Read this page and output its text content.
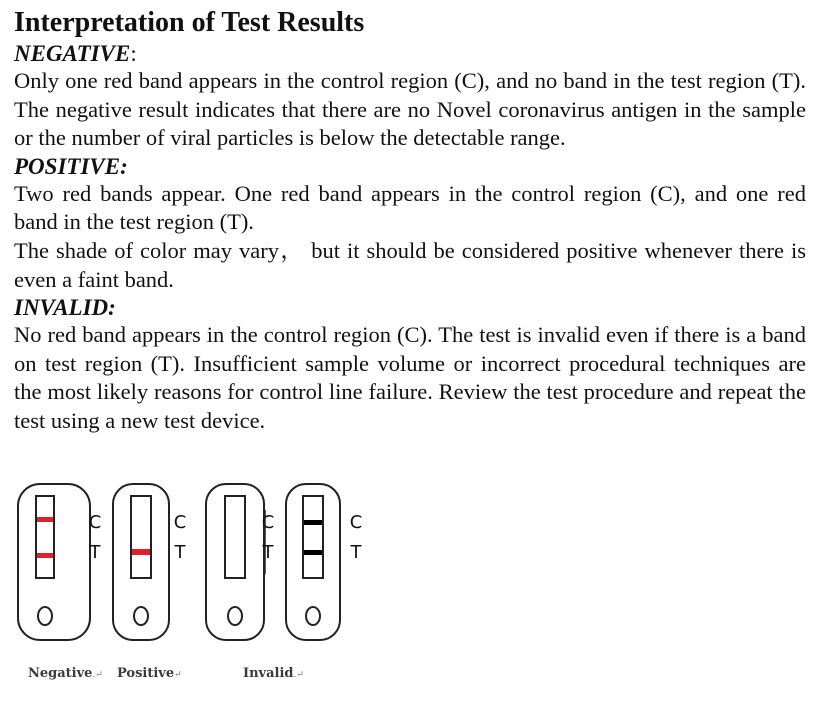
Interpretation of Test Results
NEGATIVE:

Only one red band appears in the control region (C), and no band in the test region (T). The negative result indicates that there are no Novel coronavirus antigen in the sample or the number of viral particles is below the detectable range.

POSITIVE:

Two red bands appear. One red band appears in the control region (C), and one red band in the test region (T).

The shade of color may vary， but it should be considered positive whenever there is even a faint band.

INVALID:

No red band appears in the control region (C). The test is invalid even if there is a band on test region (T). Insufficient sample volume or incorrect procedural techniques are the most likely reasons for control line failure. Review the test procedure and repeat the test using a new test device.

C
T
C
T
C
T
C
T
Negative.↵ Positive↵	Invalid.↵
